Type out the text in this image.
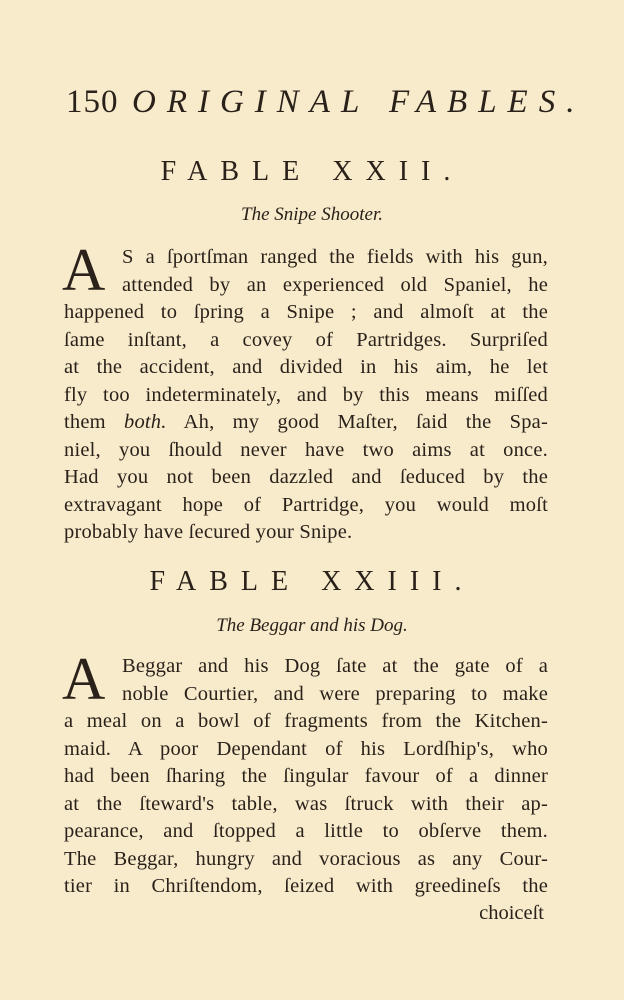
150 ORIGINAL FABLES.
FABLE XXII.
The Snipe Shooter.
A S a ſportſman ranged the fields with his gun,
attended by an experienced old Spaniel, he
happened to ſpring a Snipe ; and almoſt at the
ſame inſtant, a covey of Partridges. Surpriſed
at the accident, and divided in his aim, he let
fly too indeterminately, and by this means miſſed
them both. Ah, my good Maſter, ſaid the Spa-
niel, you ſhould never have two aims at once.
Had you not been dazzled and ſeduced by the
extravagant hope of Partridge, you would moſt
probably have ſecured your Snipe.
FABLE XXIII.
The Beggar and his Dog.
A Beggar and his Dog ſate at the gate of a
noble Courtier, and were preparing to make
a meal on a bowl of fragments from the Kitchen-
maid. A poor Dependant of his Lordſhip's, who
had been ſharing the ſingular favour of a dinner
at the ſteward's table, was ſtruck with their ap-
pearance, and ſtopped a little to obſerve them.
The Beggar, hungry and voracious as any Cour-
tier in Chriſtendom, ſeized with greedineſs the
choiceſt
